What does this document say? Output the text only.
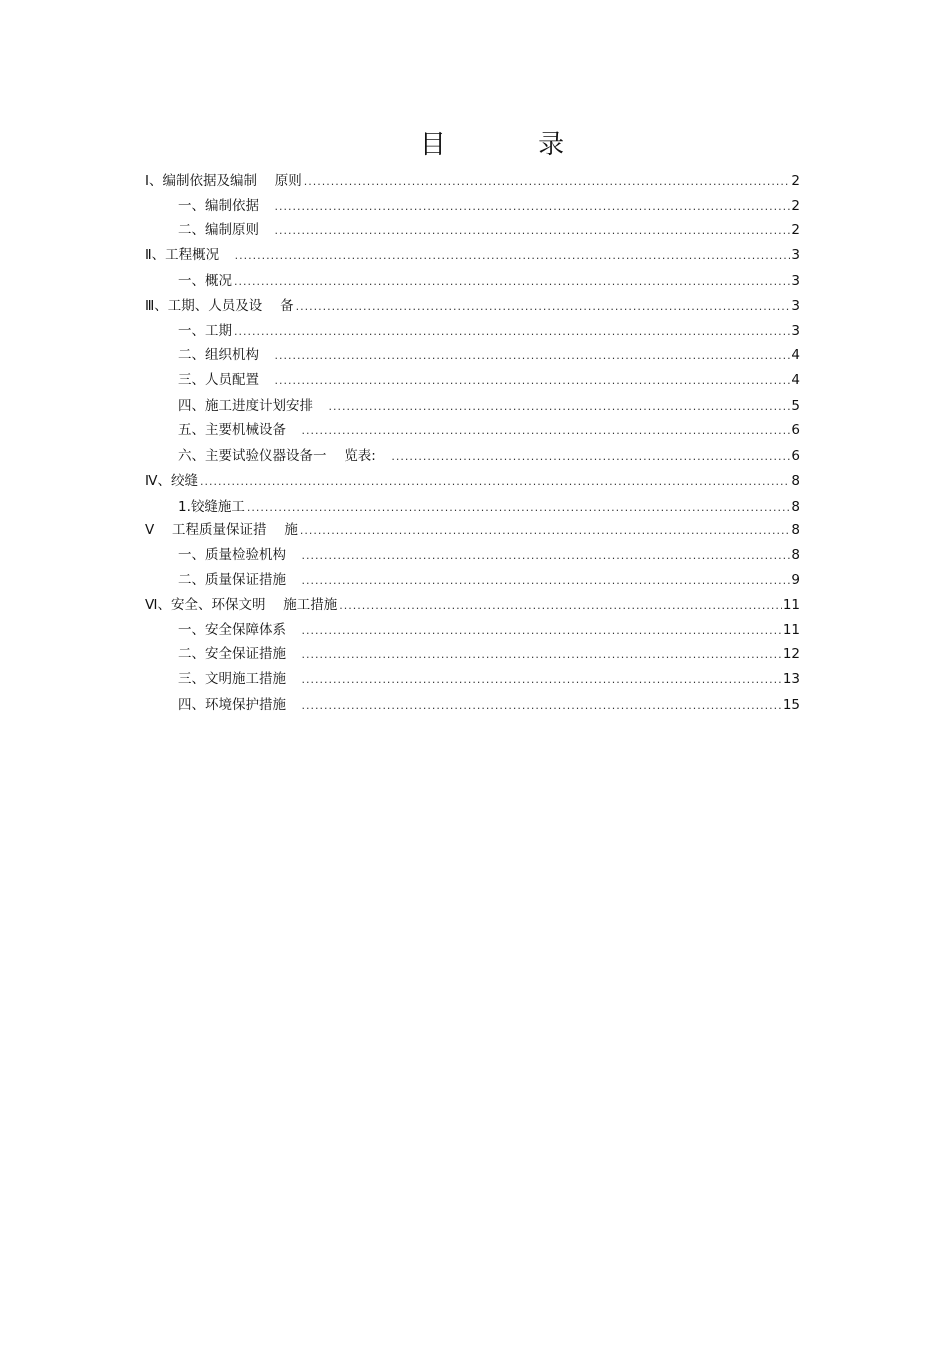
目 录
Ⅰ、编制依据及编制　 原则 .....	2
一、编制依据　 .....	2
二、编制原则　 .....	2
Ⅱ、工程概况　 .....	3
一、概况 .....	3
Ⅲ、工期、人员及设　 备 .....	3
一、工期 .....	3
二、组织机构　 .....	4
三、人员配置　 .....	4
四、施工进度计划安排　 .....	5
五、主要机械设备　 .....	6
六、主要试验仪器设备一　 览表:　 .....	6
Ⅳ、绞缝 .....	8
1.铰缝施工 .....	8
Ⅴ　 工程质量保证措　 施 .....	8
一、质量检验机构　 .....	8
二、质量保证措施　 .....	9
Ⅵ、安全、环保文明　 施工措施 .....	11
一、安全保障体系　 .....	11
二、安全保证措施　 .....	12
三、文明施工措施　 .....	13
四、环境保护措施　 .....	15
